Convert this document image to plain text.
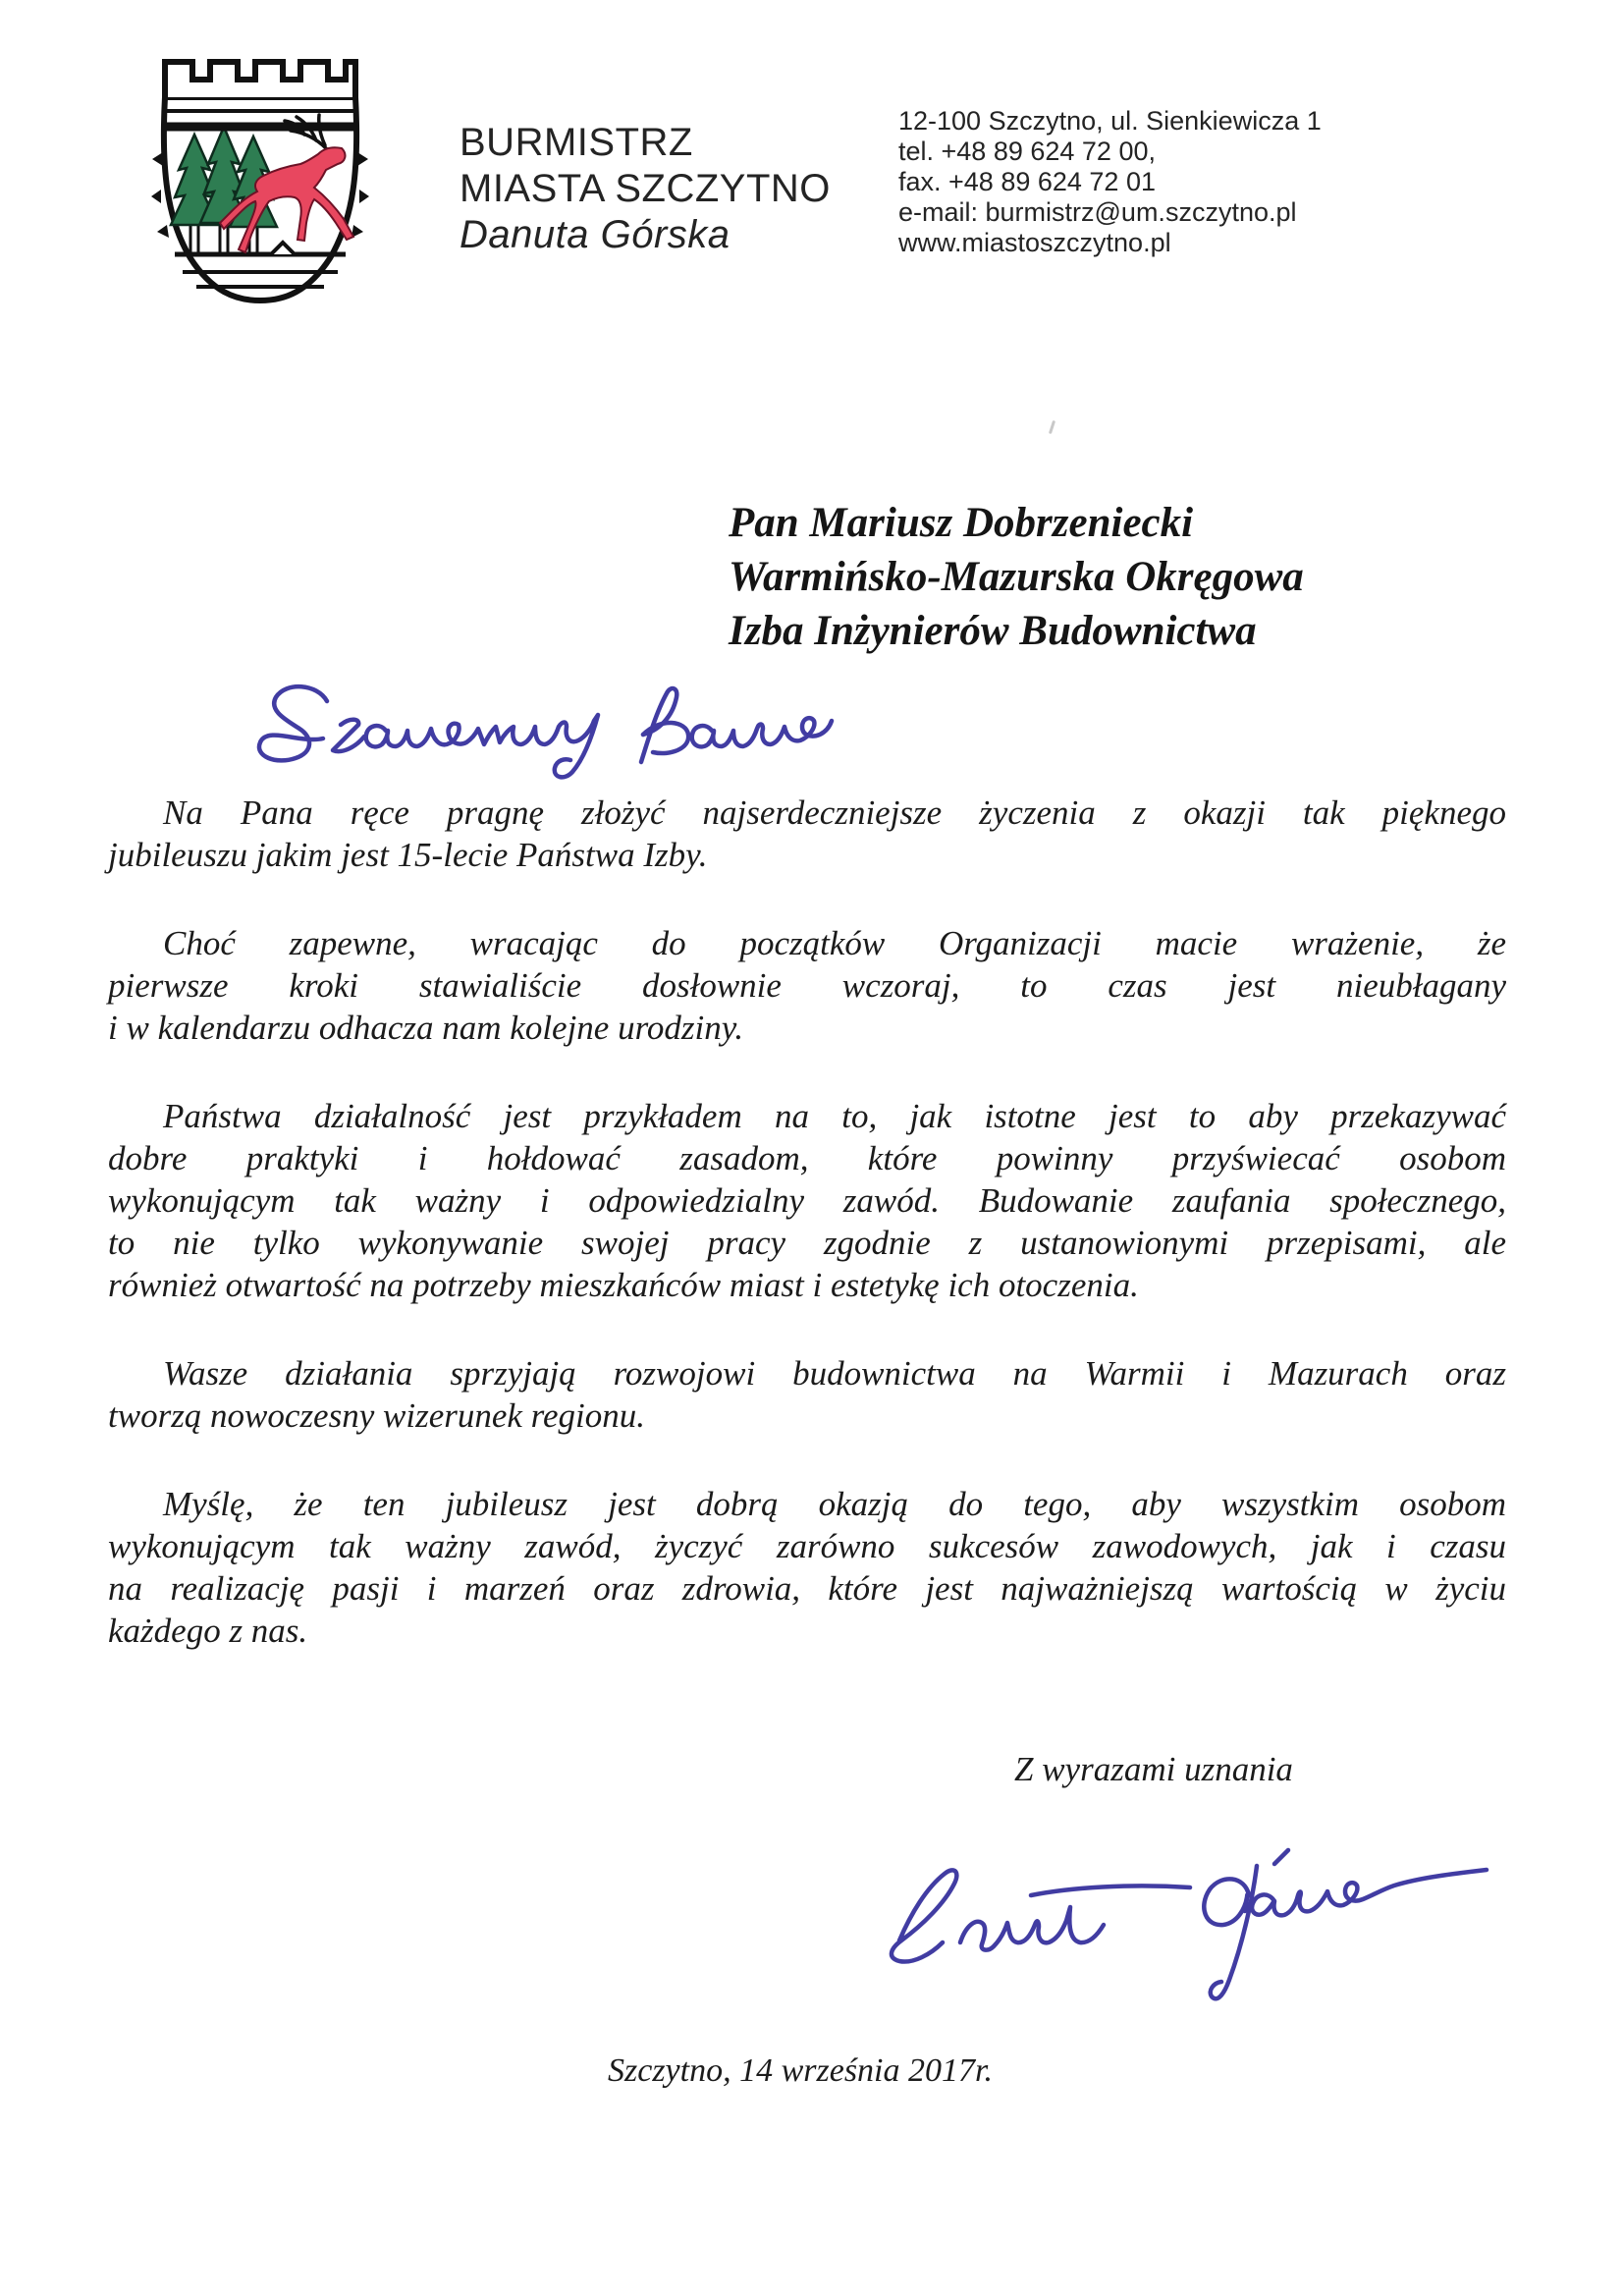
BURMISTRZ
MIASTA SZCZYTNO
Danuta Górska
12-100 Szczytno, ul. Sienkiewicza 1
tel. +48 89 624 72 00,
fax. +48 89 624 72 01
e-mail: burmistrz@um.szczytno.pl
www.miastoszczytno.pl
Pan Mariusz Dobrzeniecki
Warmińsko-Mazurska Okręgowa
Izba Inżynierów Budownictwa
Na Pana ręce pragnę złożyć najserdeczniejsze życzenia z okazji tak pięknego
jubileuszu jakim jest 15-lecie Państwa Izby.
Choć zapewne, wracając do początków Organizacji macie wrażenie, że
pierwsze kroki stawialiście dosłownie wczoraj, to czas jest nieubłagany
i w kalendarzu odhacza nam kolejne urodziny.
Państwa działalność jest przykładem na to, jak istotne jest to aby przekazywać
dobre praktyki i hołdować zasadom, które powinny przyświecać osobom
wykonującym tak ważny i odpowiedzialny zawód. Budowanie zaufania społecznego,
to nie tylko wykonywanie swojej pracy zgodnie z ustanowionymi przepisami, ale
również otwartość na potrzeby mieszkańców miast i estetykę ich otoczenia.
Wasze działania sprzyjają rozwojowi budownictwa na Warmii i Mazurach oraz
tworzą nowoczesny wizerunek regionu.
Myślę, że ten jubileusz jest dobrą okazją do tego, aby wszystkim osobom
wykonującym tak ważny zawód, życzyć zarówno sukcesów zawodowych, jak i czasu
na realizację pasji i marzeń oraz zdrowia, które jest najważniejszą wartością w życiu
każdego z nas.
Z wyrazami uznania
Szczytno, 14 września 2017r.
